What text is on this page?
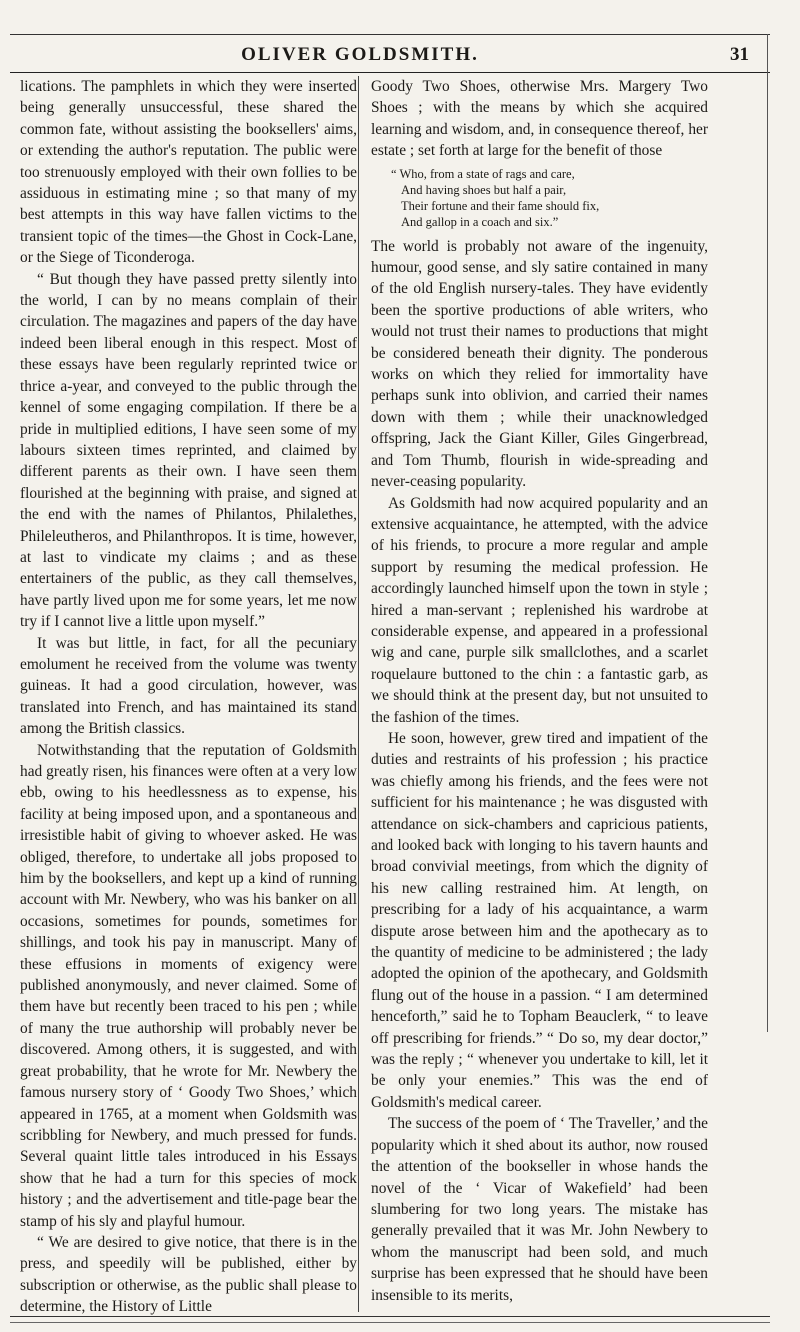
OLIVER GOLDSMITH.	31

lications. The pamphlets in which they were inserted being generally unsuccessful, these shared the common fate, without assisting the booksellers' aims, or extending the author's reputation. The public were too strenuously employed with their own follies to be assiduous in estimating mine ; so that many of my best attempts in this way have fallen victims to the transient topic of the times—the Ghost in Cock-Lane, or the Siege of Ticonderoga.

“ But though they have passed pretty silently into the world, I can by no means complain of their circulation. The magazines and papers of the day have indeed been liberal enough in this respect. Most of these essays have been regularly reprinted twice or thrice a-year, and conveyed to the public through the kennel of some engaging compilation. If there be a pride in multiplied editions, I have seen some of my labours sixteen times reprinted, and claimed by different parents as their own. I have seen them flourished at the beginning with praise, and signed at the end with the names of Philantos, Philalethes, Phileleutheros, and Philanthropos. It is time, however, at last to vindicate my claims ; and as these entertainers of the public, as they call themselves, have partly lived upon me for some years, let me now try if I cannot live a little upon myself.”

It was but little, in fact, for all the pecuniary emolument he received from the volume was twenty guineas. It had a good circulation, however, was translated into French, and has maintained its stand among the British classics.

Notwithstanding that the reputation of Goldsmith had greatly risen, his finances were often at a very low ebb, owing to his heedlessness as to expense, his facility at being imposed upon, and a spontaneous and irresistible habit of giving to whoever asked. He was obliged, therefore, to undertake all jobs proposed to him by the booksellers, and kept up a kind of running account with Mr. Newbery, who was his banker on all occasions, sometimes for pounds, sometimes for shillings, and took his pay in manuscript. Many of these effusions in moments of exigency were published anonymously, and never claimed. Some of them have but recently been traced to his pen ; while of many the true authorship will probably never be discovered. Among others, it is suggested, and with great probability, that he wrote for Mr. Newbery the famous nursery story of ‘ Goody Two Shoes,’ which appeared in 1765, at a moment when Goldsmith was scribbling for Newbery, and much pressed for funds. Several quaint little tales introduced in his Essays show that he had a turn for this species of mock history ; and the advertisement and title-page bear the stamp of his sly and playful humour.

“ We are desired to give notice, that there is in the press, and speedily will be published, either by subscription or otherwise, as the public shall please to determine, the History of Little

Goody Two Shoes, otherwise Mrs. Margery Two Shoes ; with the means by which she acquired learning and wisdom, and, in consequence thereof, her estate ; set forth at large for the benefit of those

“ Who, from a state of rags and care,
And having shoes but half a pair,
Their fortune and their fame should fix,
And gallop in a coach and six.”

The world is probably not aware of the ingenuity, humour, good sense, and sly satire contained in many of the old English nursery-tales. They have evidently been the sportive productions of able writers, who would not trust their names to productions that might be considered beneath their dignity. The ponderous works on which they relied for immortality have perhaps sunk into oblivion, and carried their names down with them ; while their unacknowledged offspring, Jack the Giant Killer, Giles Gingerbread, and Tom Thumb, flourish in wide-spreading and never-ceasing popularity.

As Goldsmith had now acquired popularity and an extensive acquaintance, he attempted, with the advice of his friends, to procure a more regular and ample support by resuming the medical profession. He accordingly launched himself upon the town in style ; hired a man-servant ; replenished his wardrobe at considerable expense, and appeared in a professional wig and cane, purple silk smallclothes, and a scarlet roquelaure buttoned to the chin : a fantastic garb, as we should think at the present day, but not unsuited to the fashion of the times.

He soon, however, grew tired and impatient of the duties and restraints of his profession ; his practice was chiefly among his friends, and the fees were not sufficient for his maintenance ; he was disgusted with attendance on sick-chambers and capricious patients, and looked back with longing to his tavern haunts and broad convivial meetings, from which the dignity of his new calling restrained him. At length, on prescribing for a lady of his acquaintance, a warm dispute arose between him and the apothecary as to the quantity of medicine to be administered ; the lady adopted the opinion of the apothecary, and Goldsmith flung out of the house in a passion. “ I am determined henceforth,” said he to Topham Beauclerk, “ to leave off prescribing for friends.” “ Do so, my dear doctor,” was the reply ; “ whenever you undertake to kill, let it be only your enemies.” This was the end of Goldsmith's medical career.

The success of the poem of ‘ The Traveller,’ and the popularity which it shed about its author, now roused the attention of the bookseller in whose hands the novel of the ‘ Vicar of Wakefield’ had been slumbering for two long years. The mistake has generally prevailed that it was Mr. John Newbery to whom the manuscript had been sold, and much surprise has been expressed that he should have been insensible to its merits,
